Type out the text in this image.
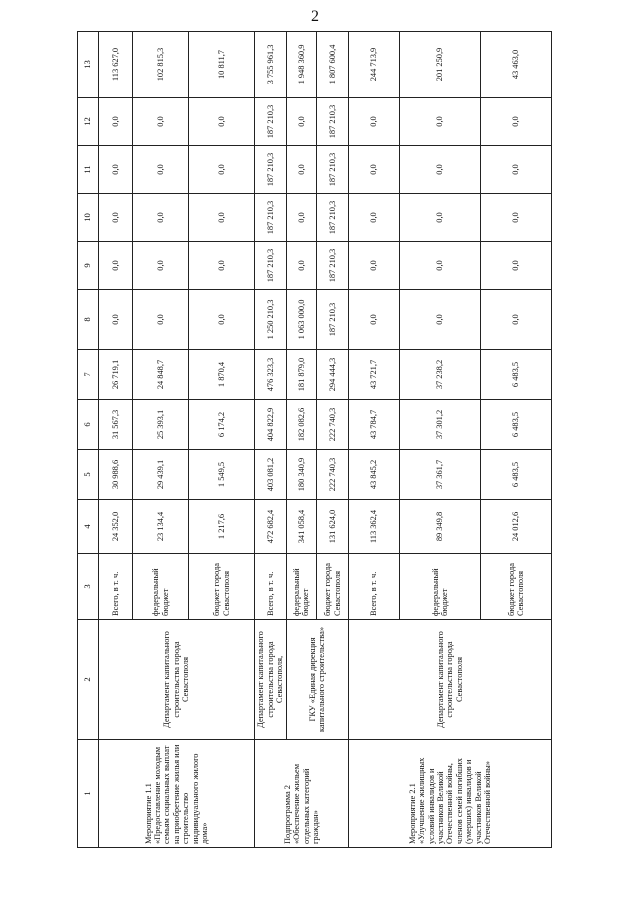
2
1	2	3	4	5	6	7	8	9	10	11	12	13
Мероприятие 1.1 «Предоставление молодым семьям социальных выплат на приобретение жилья или строительство индивидуального жилого дома»	Департамент капитального строительства города Севастополя	Всего, в т. ч.	24 352,0	30 988,6	31 567,3	26 719,1	0,0	0,0	0,0	0,0	0,0	113 627,0
		федеральный бюджет	23 134,4	29 439,1	25 393,1	24 848,7	0,0	0,0	0,0	0,0	0,0	102 815,3
		бюджет города Севастополя	1 217,6	1 549,5	6 174,2	1 870,4	0,0	0,0	0,0	0,0	0,0	10 811,7
Подпрограмма 2 «Обеспечение жильем отдельных категорий граждан»	Департамент капитального строительства города Севастополя,	Всего, в т. ч.	472 682,4	403 081,2	404 822,9	476 323,3	1 250 210,3	187 210,3	187 210,3	187 210,3	187 210,3	3 755 961,3
	ГКУ «Единая дирекция капитального строительства»	федеральный бюджет	341 058,4	180 340,9	182 082,6	181 879,0	1 063 000,0	0,0	0,0	0,0	0,0	1 948 360,9
		бюджет города Севастополя	131 624,0	222 740,3	222 740,3	294 444,3	187 210,3	187 210,3	187 210,3	187 210,3	187 210,3	1 807 600,4
Мероприятие 2.1 «Улучшение жилищных условий инвалидов и участников Великой Отечественной войны, членов семей погибших (умерших) инвалидов и участников Великой Отечественной войны»	Департамент капитального строительства города Севастополя	Всего, в т. ч.	113 362,4	43 845,2	43 784,7	43 721,7	0,0	0,0	0,0	0,0	0,0	244 713,9
		федеральный бюджет	89 349,8	37 361,7	37 301,2	37 238,2	0,0	0,0	0,0	0,0	0,0	201 250,9
		бюджет города Севастополя	24 012,6	6 483,5	6 483,5	6 483,5	0,0	0,0	0,0	0,0	0,0	43 463,0
